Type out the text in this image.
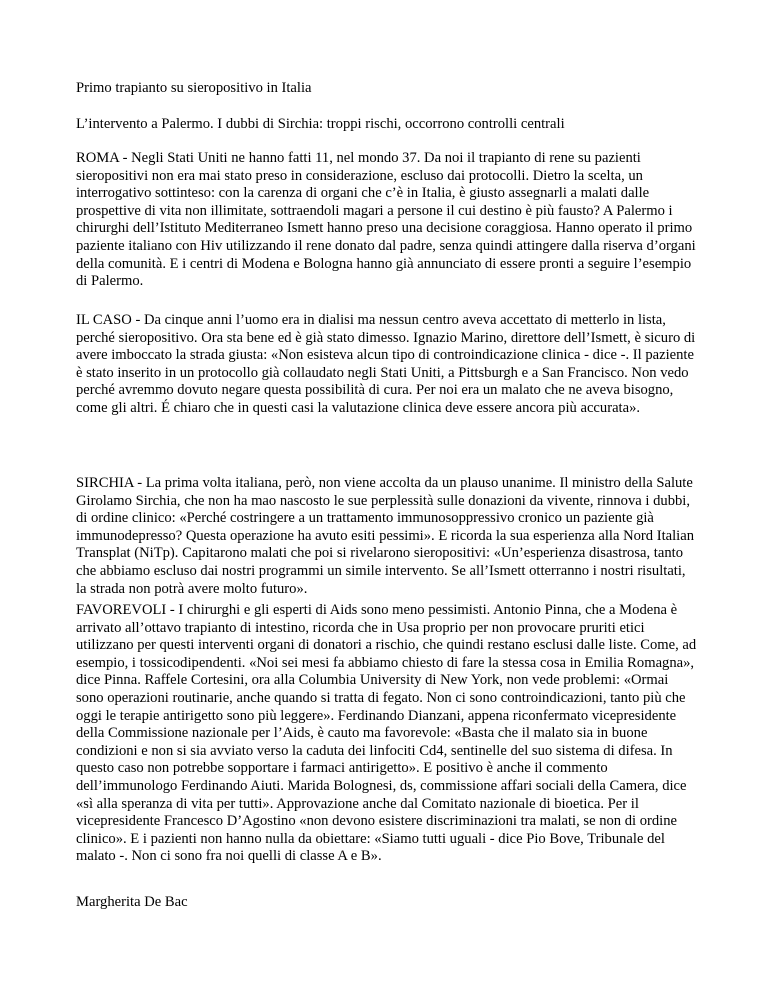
Primo trapianto su sieropositivo in Italia

L’intervento a Palermo. I dubbi di Sirchia: troppi rischi, occorrono controlli centrali

ROMA - Negli Stati Uniti ne hanno fatti 11, nel mondo 37. Da noi il trapianto di rene su pazienti sieropositivi non era mai stato preso in considerazione, escluso dai protocolli. Dietro la scelta, un interrogativo sottinteso: con la carenza di organi che c’è in Italia, è giusto assegnarli a malati dalle prospettive di vita non illimitate, sottraendoli magari a persone il cui destino è più fausto? A Palermo i chirurghi dell’Istituto Mediterraneo Ismett hanno preso una decisione coraggiosa. Hanno operato il primo paziente italiano con Hiv utilizzando il rene donato dal padre, senza quindi attingere dalla riserva d’organi della comunità. E i centri di Modena e Bologna hanno già annunciato di essere pronti a seguire l’esempio di Palermo.

IL CASO - Da cinque anni l’uomo era in dialisi ma nessun centro aveva accettato di metterlo in lista, perché sieropositivo. Ora sta bene ed è già stato dimesso. Ignazio Marino, direttore dell’Ismett, è sicuro di avere imboccato la strada giusta: «Non esisteva alcun tipo di controindicazione clinica - dice -. Il paziente è stato inserito in un protocollo già collaudato negli Stati Uniti, a Pittsburgh e a San Francisco. Non vedo perché avremmo dovuto negare questa possibilità di cura. Per noi era un malato che ne aveva bisogno, come gli altri. É chiaro che in questi casi la valutazione clinica deve essere ancora più accurata».

SIRCHIA - La prima volta italiana, però, non viene accolta da un plauso unanime. Il ministro della Salute Girolamo Sirchia, che non ha mao nascosto le sue perplessità sulle donazioni da vivente, rinnova i dubbi, di ordine clinico: «Perché costringere a un trattamento immunosoppressivo cronico un paziente già immunodepresso? Questa operazione ha avuto esiti pessimi». E ricorda la sua esperienza alla Nord Italian Transplat (NiTp). Capitarono malati che poi si rivelarono sieropositivi: «Un’esperienza disastrosa, tanto che abbiamo escluso dai nostri programmi un simile intervento. Se all’Ismett otterranno i nostri risultati, la strada non potrà avere molto futuro».

FAVOREVOLI - I chirurghi e gli esperti di Aids sono meno pessimisti. Antonio Pinna, che a Modena è arrivato all’ottavo trapianto di intestino, ricorda che in Usa proprio per non provocare pruriti etici utilizzano per questi interventi organi di donatori a rischio, che quindi restano esclusi dalle liste. Come, ad esempio, i tossicodipendenti. «Noi sei mesi fa abbiamo chiesto di fare la stessa cosa in Emilia Romagna», dice Pinna. Raffele Cortesini, ora alla Columbia University di New York, non vede problemi: «Ormai sono operazioni routinarie, anche quando si tratta di fegato. Non ci sono controindicazioni, tanto più che oggi le terapie antirigetto sono più leggere». Ferdinando Dianzani, appena riconfermato vicepresidente della Commissione nazionale per l’Aids, è cauto ma favorevole: «Basta che il malato sia in buone condizioni e non si sia avviato verso la caduta dei linfociti Cd4, sentinelle del suo sistema di difesa. In questo caso non potrebbe sopportare i farmaci antirigetto». E positivo è anche il commento dell’immunologo Ferdinando Aiuti. Marida Bolognesi, ds, commissione affari sociali della Camera, dice «sì alla speranza di vita per tutti». Approvazione anche dal Comitato nazionale di bioetica. Per il vicepresidente Francesco D’Agostino «non devono esistere discriminazioni tra malati, se non di ordine clinico». E i pazienti non hanno nulla da obiettare: «Siamo tutti uguali - dice Pio Bove, Tribunale del malato -. Non ci sono fra noi quelli di classe A e B».

Margherita De Bac
